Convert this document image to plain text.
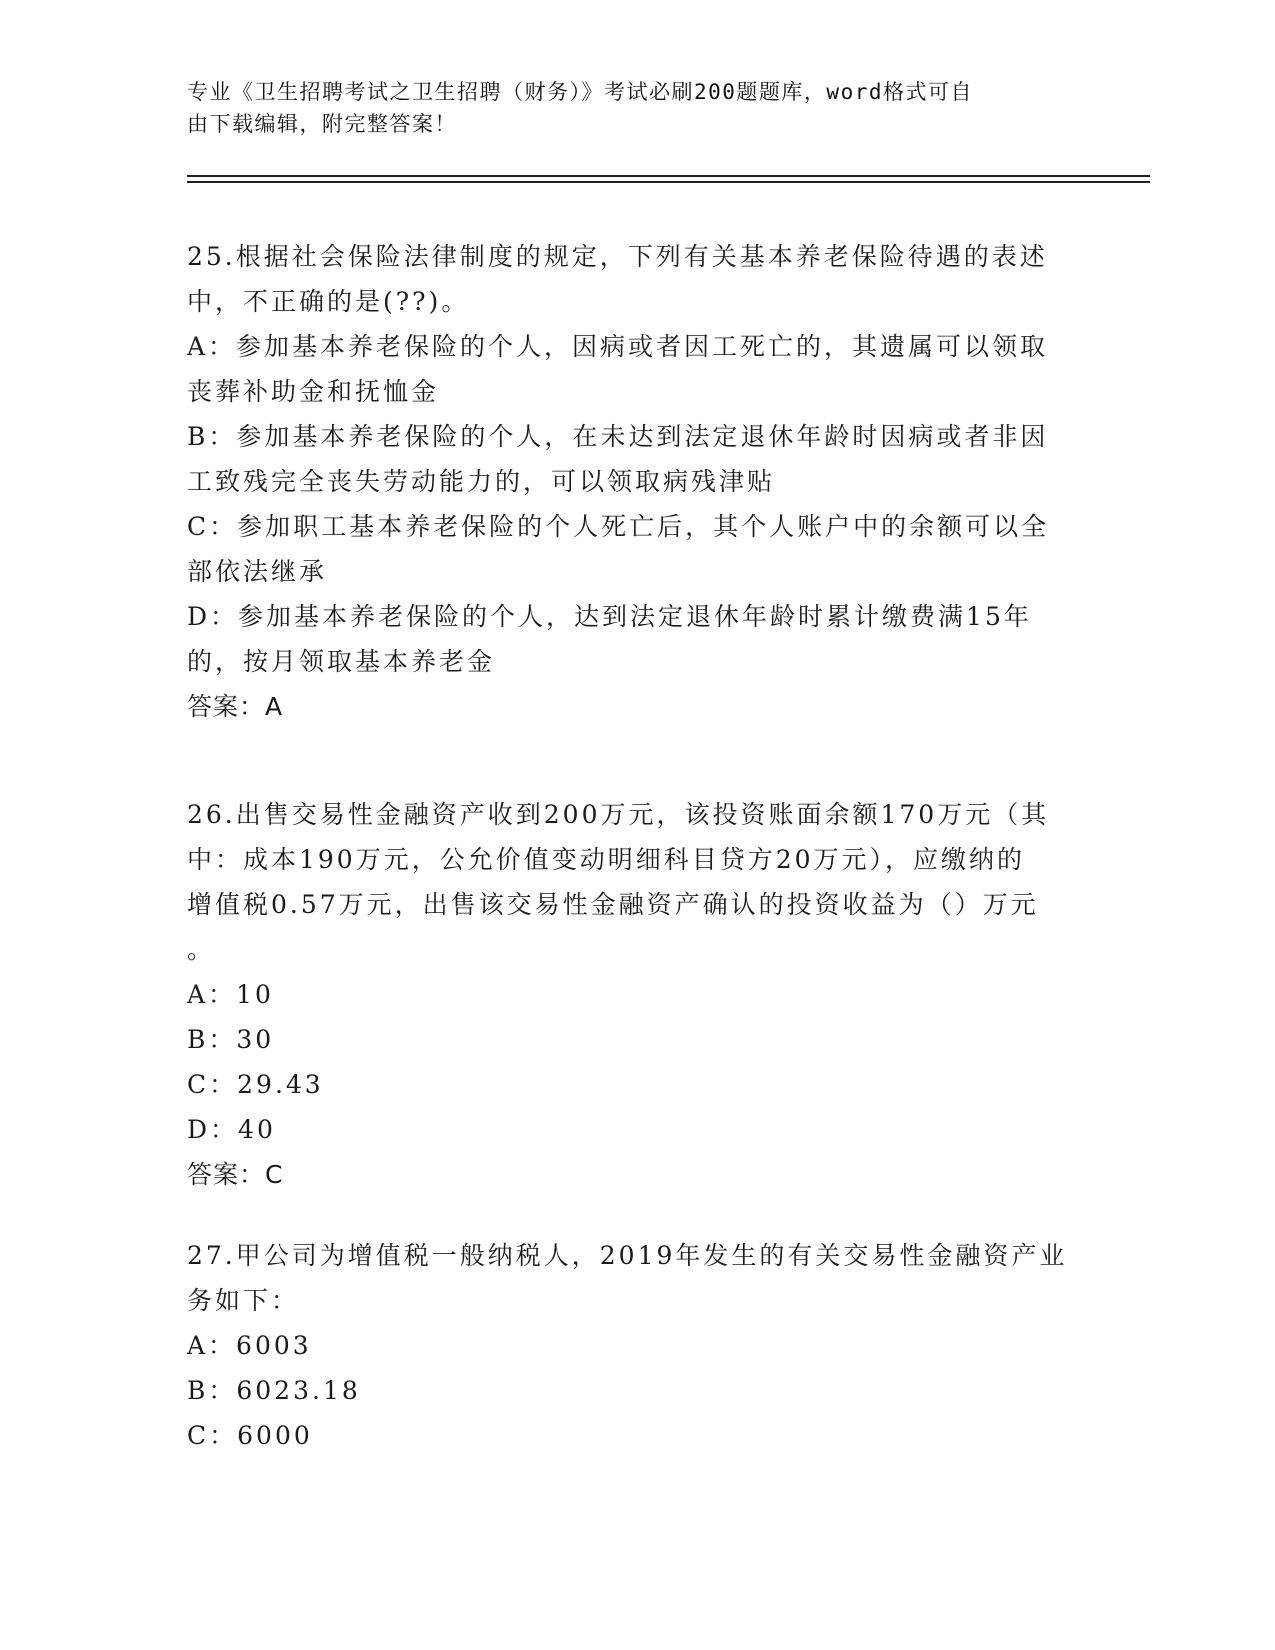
专业《卫生招聘考试之卫生招聘（财务）》考试必刷200题题库，word格式可自
由下载编辑，附完整答案！
25.根据社会保险法律制度的规定，下列有关基本养老保险待遇的表述
中，不正确的是(??)。
A：参加基本养老保险的个人，因病或者因工死亡的，其遗属可以领取
丧葬补助金和抚恤金
B：参加基本养老保险的个人，在未达到法定退休年龄时因病或者非因
工致残完全丧失劳动能力的，可以领取病残津贴
C：参加职工基本养老保险的个人死亡后，其个人账户中的余额可以全
部依法继承
D：参加基本养老保险的个人，达到法定退休年龄时累计缴费满15年
的，按月领取基本养老金
答案：A
26.出售交易性金融资产收到200万元，该投资账面余额170万元（其
中：成本190万元，公允价值变动明细科目贷方20万元），应缴纳的
增值税0.57万元，出售该交易性金融资产确认的投资收益为（）万元
。
A：10
B：30
C：29.43
D：40
答案：C
27.甲公司为增值税一般纳税人，2019年发生的有关交易性金融资产业
务如下：
A：6003
B：6023.18
C：6000
